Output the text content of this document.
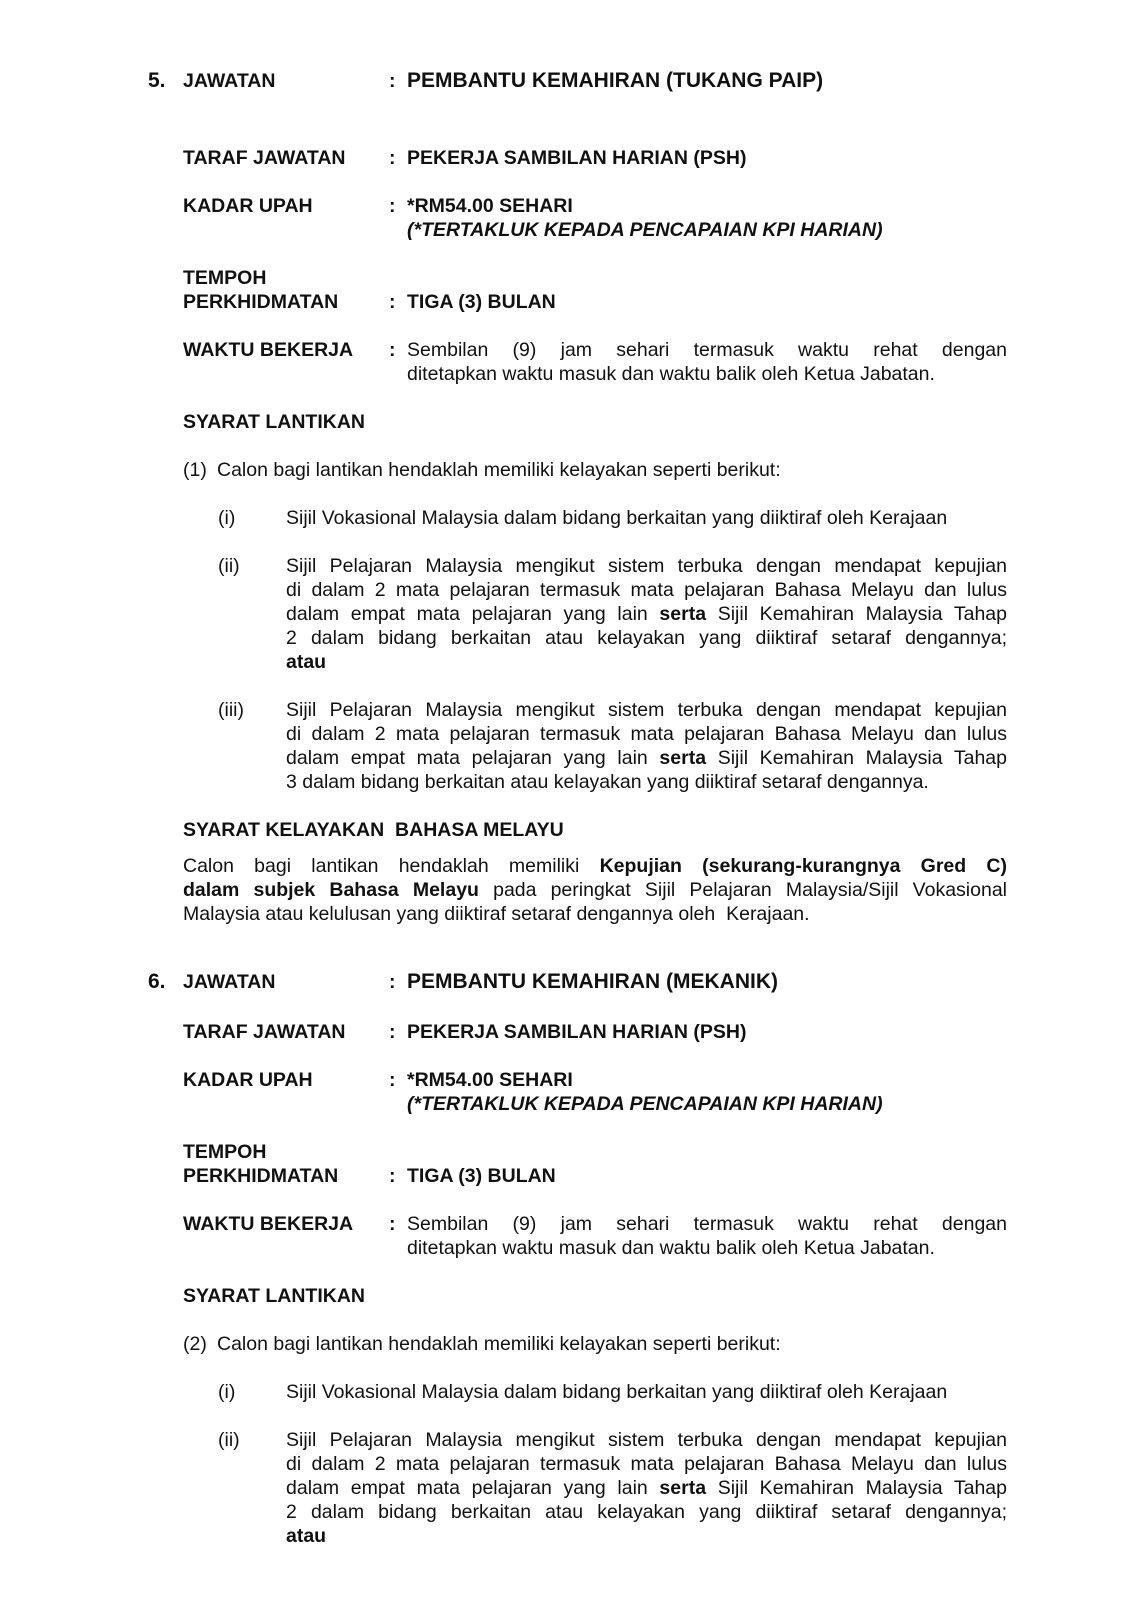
5. JAWATAN	: PEMBANTU KEMAHIRAN (TUKANG PAIP)
TARAF JAWATAN : PEKERJA SAMBILAN HARIAN (PSH)
KADAR UPAH	: *RM54.00 SEHARI
(*TERTAKLUK KEPADA PENCAPAIAN KPI HARIAN)
TEMPOH
PERKHIDMATAN	: TIGA (3) BULAN
WAKTU BEKERJA : Sembilan (9) jam sehari termasuk waktu rehat dengan
ditetapkan waktu masuk dan waktu balik oleh Ketua Jabatan.
SYARAT LANTIKAN
(1) Calon bagi lantikan hendaklah memiliki kelayakan seperti berikut:
(i)	Sijil Vokasional Malaysia dalam bidang berkaitan yang diiktiraf oleh Kerajaan
(ii) Sijil Pelajaran Malaysia mengikut sistem terbuka dengan mendapat kepujian
di dalam 2 mata pelajaran termasuk mata pelajaran Bahasa Melayu dan lulus
dalam empat mata pelajaran yang lain serta Sijil Kemahiran Malaysia Tahap
2 dalam bidang berkaitan atau kelayakan yang diiktiraf setaraf dengannya;
atau
(iii) Sijil Pelajaran Malaysia mengikut sistem terbuka dengan mendapat kepujian
di dalam 2 mata pelajaran termasuk mata pelajaran Bahasa Melayu dan lulus
dalam empat mata pelajaran yang lain serta Sijil Kemahiran Malaysia Tahap
3 dalam bidang berkaitan atau kelayakan yang diiktiraf setaraf dengannya.
SYARAT KELAYAKAN  BAHASA MELAYU
Calon bagi lantikan hendaklah memiliki Kepujian (sekurang-kurangnya Gred C)
dalam subjek Bahasa Melayu pada peringkat Sijil Pelajaran Malaysia/Sijil Vokasional
Malaysia atau kelulusan yang diiktiraf setaraf dengannya oleh  Kerajaan.
6. JAWATAN	: PEMBANTU KEMAHIRAN (MEKANIK)
TARAF JAWATAN : PEKERJA SAMBILAN HARIAN (PSH)
KADAR UPAH	: *RM54.00 SEHARI
(*TERTAKLUK KEPADA PENCAPAIAN KPI HARIAN)
TEMPOH
PERKHIDMATAN	: TIGA (3) BULAN
WAKTU BEKERJA : Sembilan (9) jam sehari termasuk waktu rehat dengan
ditetapkan waktu masuk dan waktu balik oleh Ketua Jabatan.
SYARAT LANTIKAN
(2) Calon bagi lantikan hendaklah memiliki kelayakan seperti berikut:
(i)	Sijil Vokasional Malaysia dalam bidang berkaitan yang diiktiraf oleh Kerajaan
(ii) Sijil Pelajaran Malaysia mengikut sistem terbuka dengan mendapat kepujian
di dalam 2 mata pelajaran termasuk mata pelajaran Bahasa Melayu dan lulus
dalam empat mata pelajaran yang lain serta Sijil Kemahiran Malaysia Tahap
2 dalam bidang berkaitan atau kelayakan yang diiktiraf setaraf dengannya;
atau
